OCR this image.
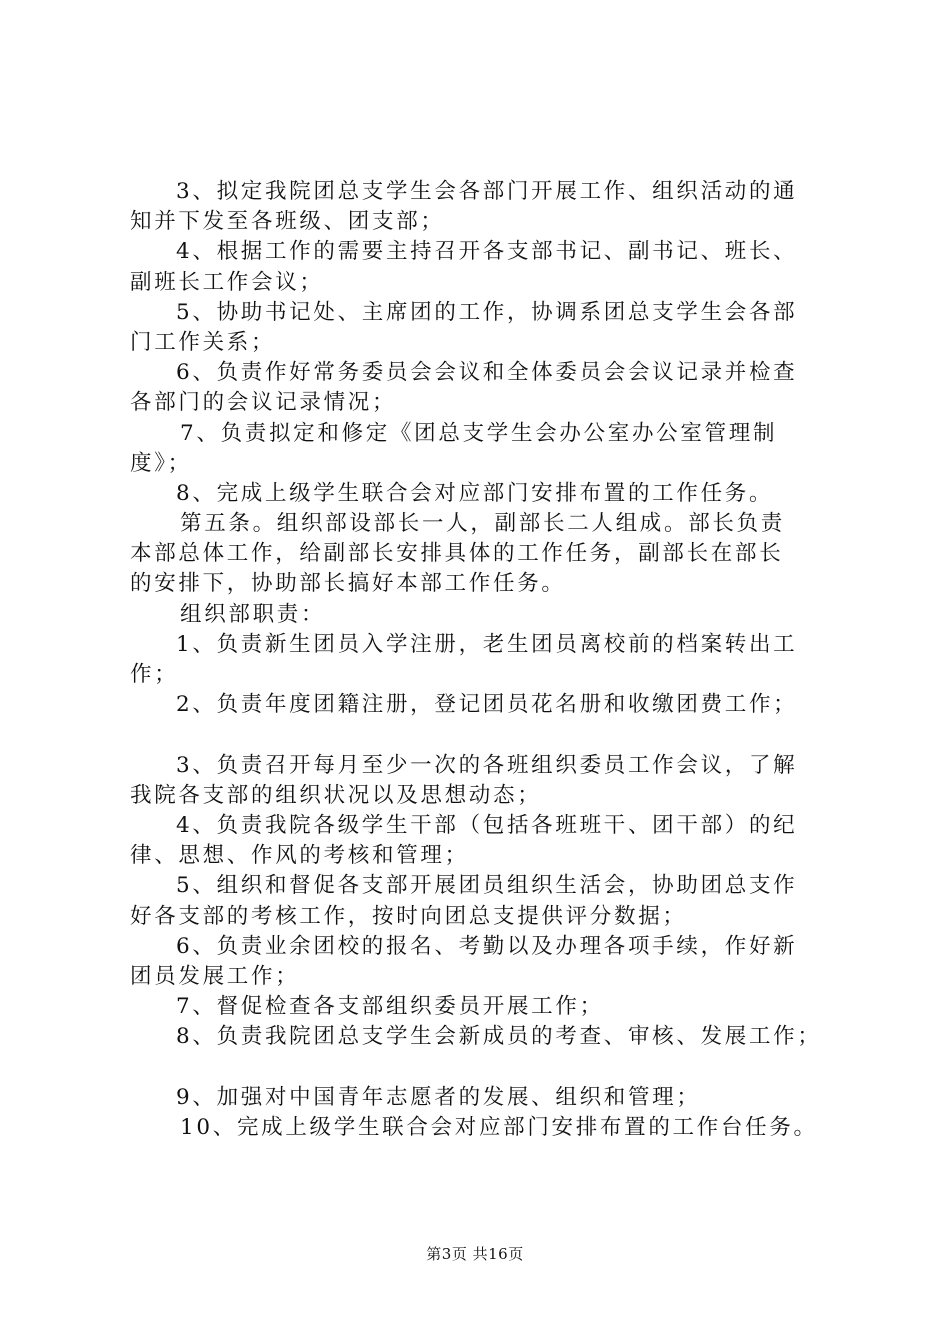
3、拟定我院团总支学生会各部门开展工作、组织活动的通
知并下发至各班级、团支部；
4、根据工作的需要主持召开各支部书记、副书记、班长、
副班长工作会议；
5、协助书记处、主席团的工作，协调系团总支学生会各部
门工作关系；
6、负责作好常务委员会会议和全体委员会会议记录并检查
各部门的会议记录情况；
7、负责拟定和修定《团总支学生会办公室办公室管理制
度》；
8、完成上级学生联合会对应部门安排布置的工作任务。
第五条。组织部设部长一人，副部长二人组成。部长负责
本部总体工作，给副部长安排具体的工作任务，副部长在部长
的安排下，协助部长搞好本部工作任务。
组织部职责：
1、负责新生团员入学注册，老生团员离校前的档案转出工
作；
2、负责年度团籍注册，登记团员花名册和收缴团费工作；
3、负责召开每月至少一次的各班组织委员工作会议，了解
我院各支部的组织状况以及思想动态；
4、负责我院各级学生干部（包括各班班干、团干部）的纪
律、思想、作风的考核和管理；
5、组织和督促各支部开展团员组织生活会，协助团总支作
好各支部的考核工作，按时向团总支提供评分数据；
6、负责业余团校的报名、考勤以及办理各项手续，作好新
团员发展工作；
7、督促检查各支部组织委员开展工作；
8、负责我院团总支学生会新成员的考查、审核、发展工作；
9、加强对中国青年志愿者的发展、组织和管理；
10、完成上级学生联合会对应部门安排布置的工作台任务。
第3页 共16页
